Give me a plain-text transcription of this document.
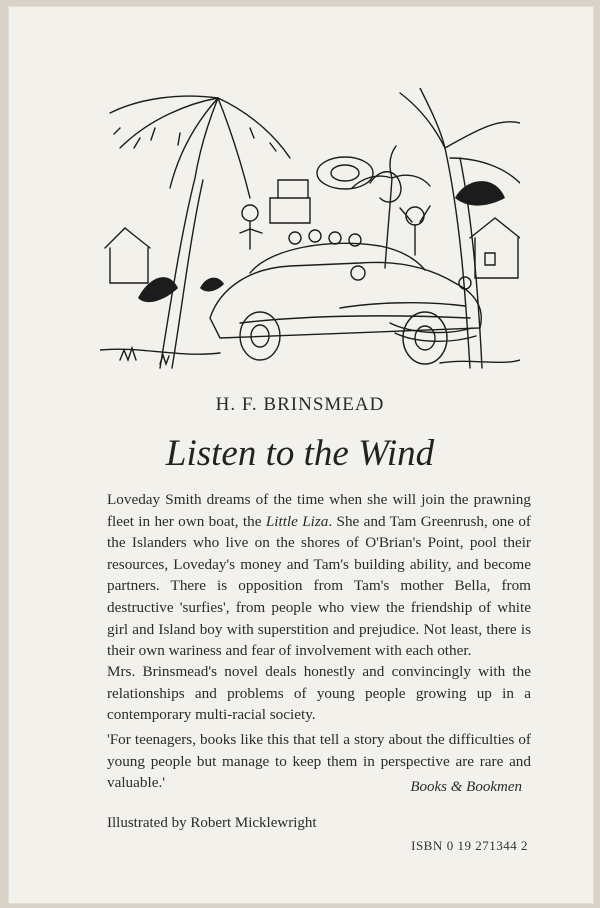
H. F. BRINSMEAD
Listen to the Wind
Loveday Smith dreams of the time when she will join the prawning fleet in her own boat, the Little Liza. She and Tam Greenrush, one of the Islanders who live on the shores of O'Brian's Point, pool their resources, Loveday's money and Tam's building ability, and become partners. There is opposition from Tam's mother Bella, from destructive 'surfies', from people who view the friendship of white girl and Island boy with superstition and prejudice. Not least, there is their own wariness and fear of involvement with each other.
Mrs. Brinsmead's novel deals honestly and convincingly with the relationships and problems of young people growing up in a contemporary multi-racial society.
'For teenagers, books like this that tell a story about the difficulties of young people but manage to keep them in perspective are rare and valuable.'	Books & Bookmen
Illustrated by Robert Micklewright
ISBN 0 19 271344 2
